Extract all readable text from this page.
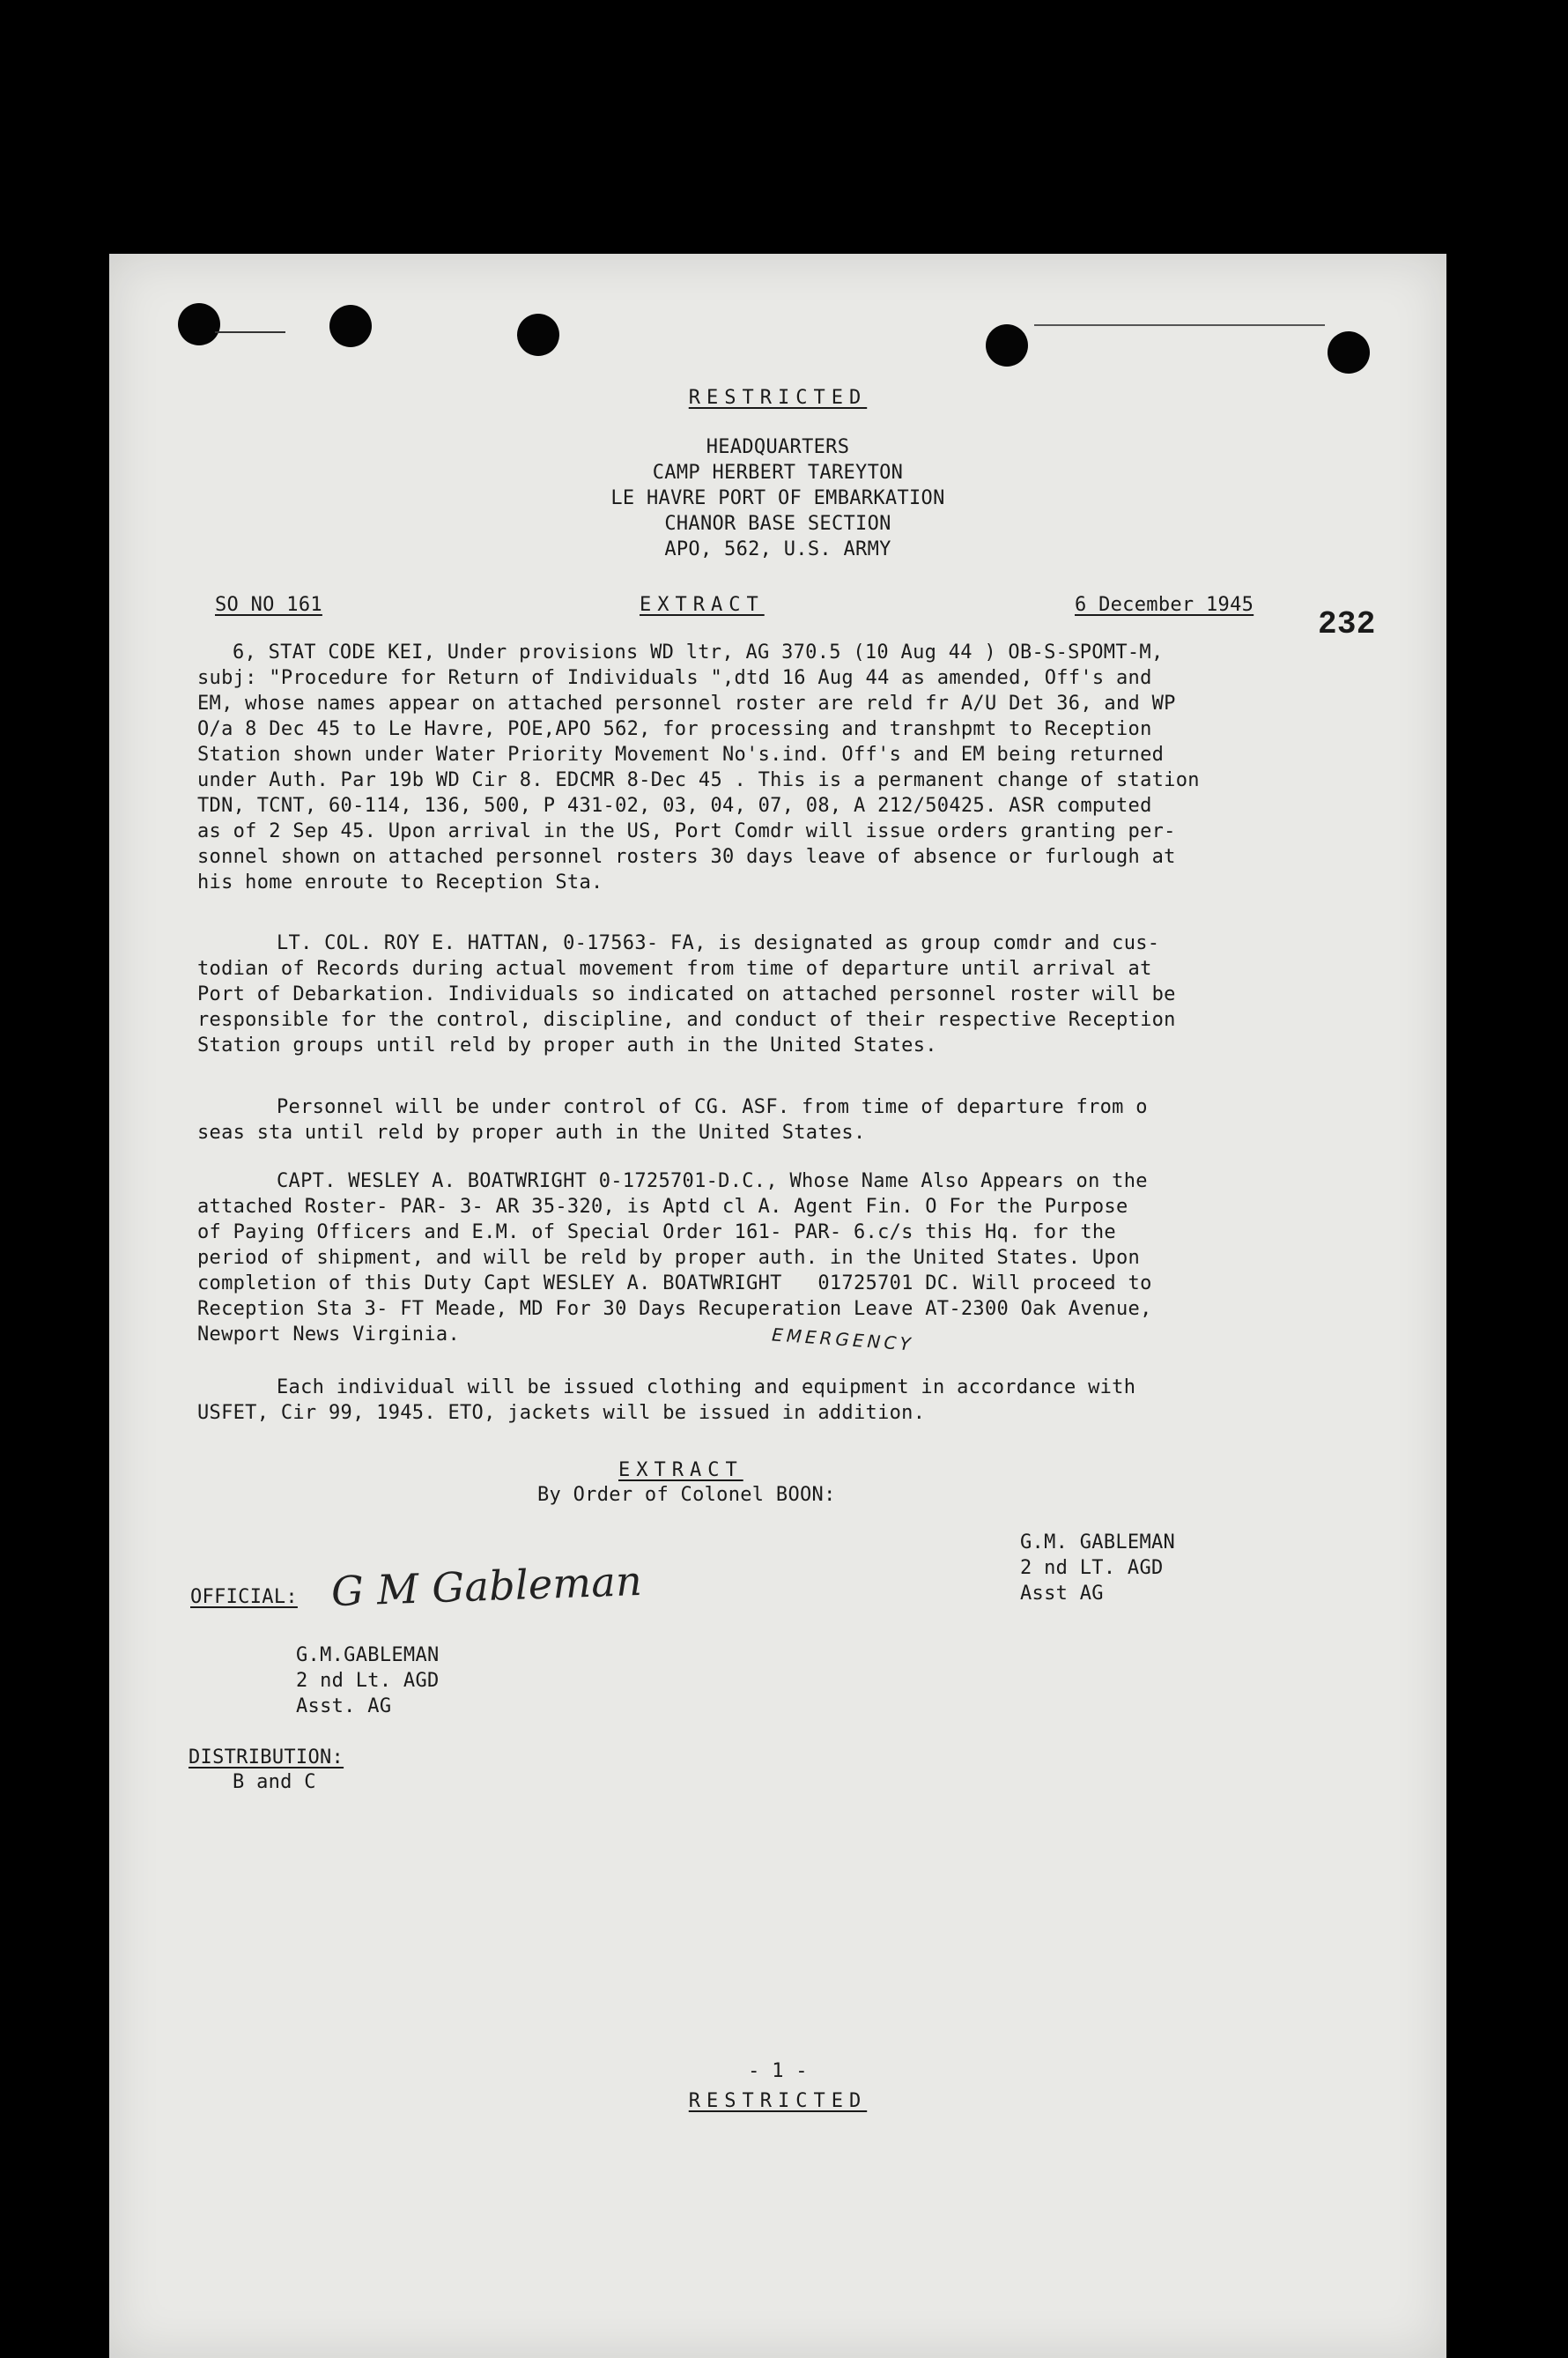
RESTRICTED
HEADQUARTERS
CAMP HERBERT TAREYTON
LE HAVRE PORT OF EMBARKATION
CHANOR BASE SECTION
APO, 562, U.S. ARMY
SO NO 161	EXTRACT	6 December 1945
232
6, STAT CODE KEI, Under provisions WD ltr, AG 370.5 (10 Aug 44 ) OB-S-SPOMT-M,
subj: "Procedure for Return of Individuals ",dtd 16 Aug 44 as amended, Off's and
EM, whose names appear on attached personnel roster are reld fr A/U Det 36, and WP
O/a 8 Dec 45 to Le Havre, POE,APO 562, for processing and transhpmt to Reception
Station shown under Water Priority Movement No's.ind. Off's and EM being returned
under Auth. Par 19b WD Cir 8. EDCMR 8-Dec 45 . This is a permanent change of station
TDN, TCNT, 60-114, 136, 500, P 431-02, 03, 04, 07, 08, A 212/50425. ASR computed
as of 2 Sep 45. Upon arrival in the US, Port Comdr will issue orders granting per-
sonnel shown on attached personnel rosters 30 days leave of absence or furlough at
his home enroute to Reception Sta.
LT. COL. ROY E. HATTAN, 0-17563- FA, is designated as group comdr and cus-
todian of Records during actual movement from time of departure until arrival at
Port of Debarkation. Individuals so indicated on attached personnel roster will be
responsible for the control, discipline, and conduct of their respective Reception
Station groups until reld by proper auth in the United States.
Personnel will be under control of CG. ASF. from time of departure from o
seas sta until reld by proper auth in the United States.
CAPT. WESLEY A. BOATWRIGHT 0-1725701-D.C., Whose Name Also Appears on the
attached Roster- PAR- 3- AR 35-320, is Aptd cl A. Agent Fin. O For the Purpose
of Paying Officers and E.M. of Special Order 161- PAR- 6.c/s this Hq. for the
period of shipment, and will be reld by proper auth. in the United States. Upon
completion of this Duty Capt WESLEY A. BOATWRIGHT   01725701 DC. Will proceed to
Reception Sta 3- FT Meade, MD For 30 Days Recuperation Leave AT-2300 Oak Avenue,
Newport News Virginia.	EMERGENCY
Each individual will be issued clothing and equipment in accordance with
USFET, Cir 99, 1945. ETO, jackets will be issued in addition.
EXTRACT
By Order of Colonel BOON:
G.M. GABLEMAN
2 nd LT. AGD
Asst AG
OFFICIAL: G M Gableman
G.M.GABLEMAN
2 nd Lt. AGD
Asst. AG
DISTRIBUTION:
B and C
- 1 -
RESTRICTED
